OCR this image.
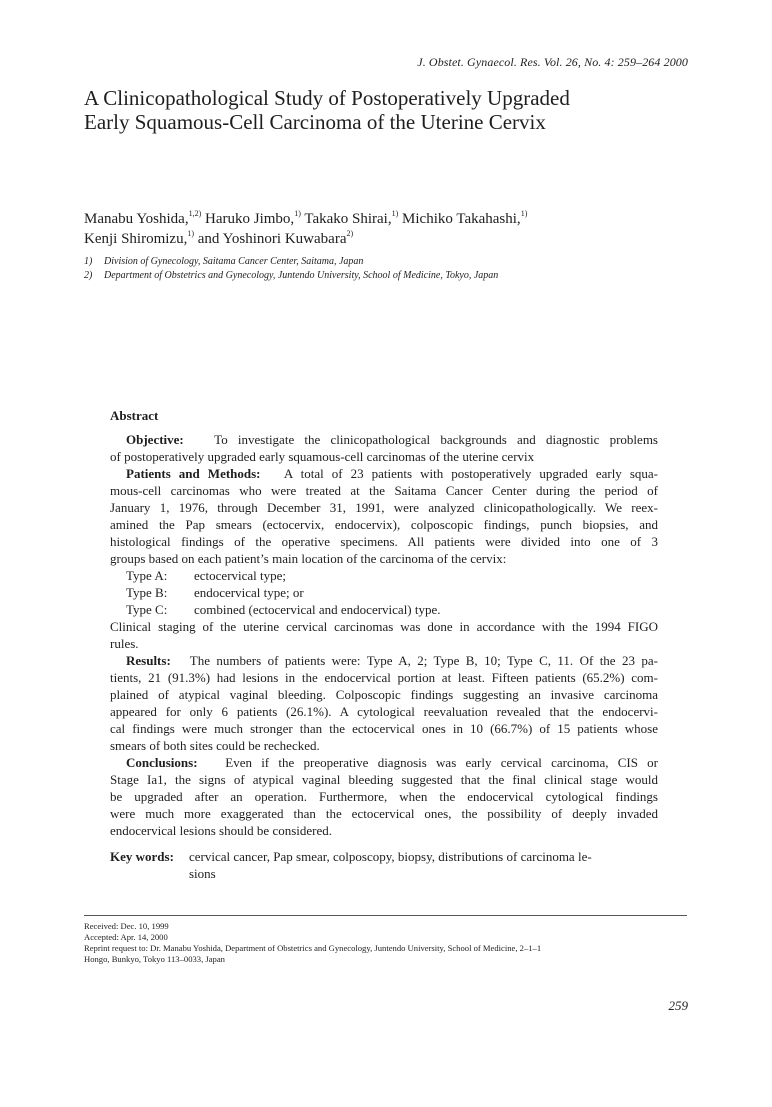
J. Obstet. Gynaecol. Res. Vol. 26, No. 4: 259–264 2000
A Clinicopathological Study of Postoperatively Upgraded
Early Squamous-Cell Carcinoma of the Uterine Cervix
Manabu Yoshida,$^{1,2)}$ Haruko Jimbo,$^{1)}$ Takako Shirai,$^{1)}$ Michiko Takahashi,$^{1)}$
Kenji Shiromizu,$^{1)}$ and Yoshinori Kuwabara$^{2)}$
1)	Division of Gynecology, Saitama Cancer Center, Saitama, Japan
2)	Department of Obstetrics and Gynecology, Juntendo University, School of Medicine, Tokyo, Japan
Abstract
Objective: To investigate the clinicopathological backgrounds and diagnostic problems
of postoperatively upgraded early squamous-cell carcinomas of the uterine cervix
Patients and Methods: A total of 23 patients with postoperatively upgraded early squa-
mous-cell carcinomas who were treated at the Saitama Cancer Center during the period of
January 1, 1976, through December 31, 1991, were analyzed clinicopathologically. We reex-
amined the Pap smears (ectocervix, endocervix), colposcopic findings, punch biopsies, and
histological findings of the operative specimens. All patients were divided into one of 3
groups based on each patient’s main location of the carcinoma of the cervix:
Type A:	ectocervical type;
Type B:	endocervical type; or
Type C:	combined (ectocervical and endocervical) type.
Clinical staging of the uterine cervical carcinomas was done in accordance with the 1994 FIGO
rules.
Results: The numbers of patients were: Type A, 2; Type B, 10; Type C, 11. Of the 23 pa-
tients, 21 (91.3%) had lesions in the endocervical portion at least. Fifteen patients (65.2%) com-
plained of atypical vaginal bleeding. Colposcopic findings suggesting an invasive carcinoma
appeared for only 6 patients (26.1%). A cytological reevaluation revealed that the endocervi-
cal findings were much stronger than the ectocervical ones in 10 (66.7%) of 15 patients whose
smears of both sites could be rechecked.
Conclusions: Even if the preoperative diagnosis was early cervical carcinoma, CIS or
Stage Ia1, the signs of atypical vaginal bleeding suggested that the final clinical stage would
be upgraded after an operation. Furthermore, when the endocervical cytological findings
were much more exaggerated than the ectocervical ones, the possibility of deeply invaded
endocervical lesions should be considered.
Key words:	cervical cancer, Pap smear, colposcopy, biopsy, distributions of carcinoma le-
sions
Received: Dec. 10, 1999
Accepted: Apr. 14, 2000
Reprint request to: Dr. Manabu Yoshida, Department of Obstetrics and Gynecology, Juntendo University, School of Medicine, 2–1–1
Hongo, Bunkyo, Tokyo 113–0033, Japan
259
